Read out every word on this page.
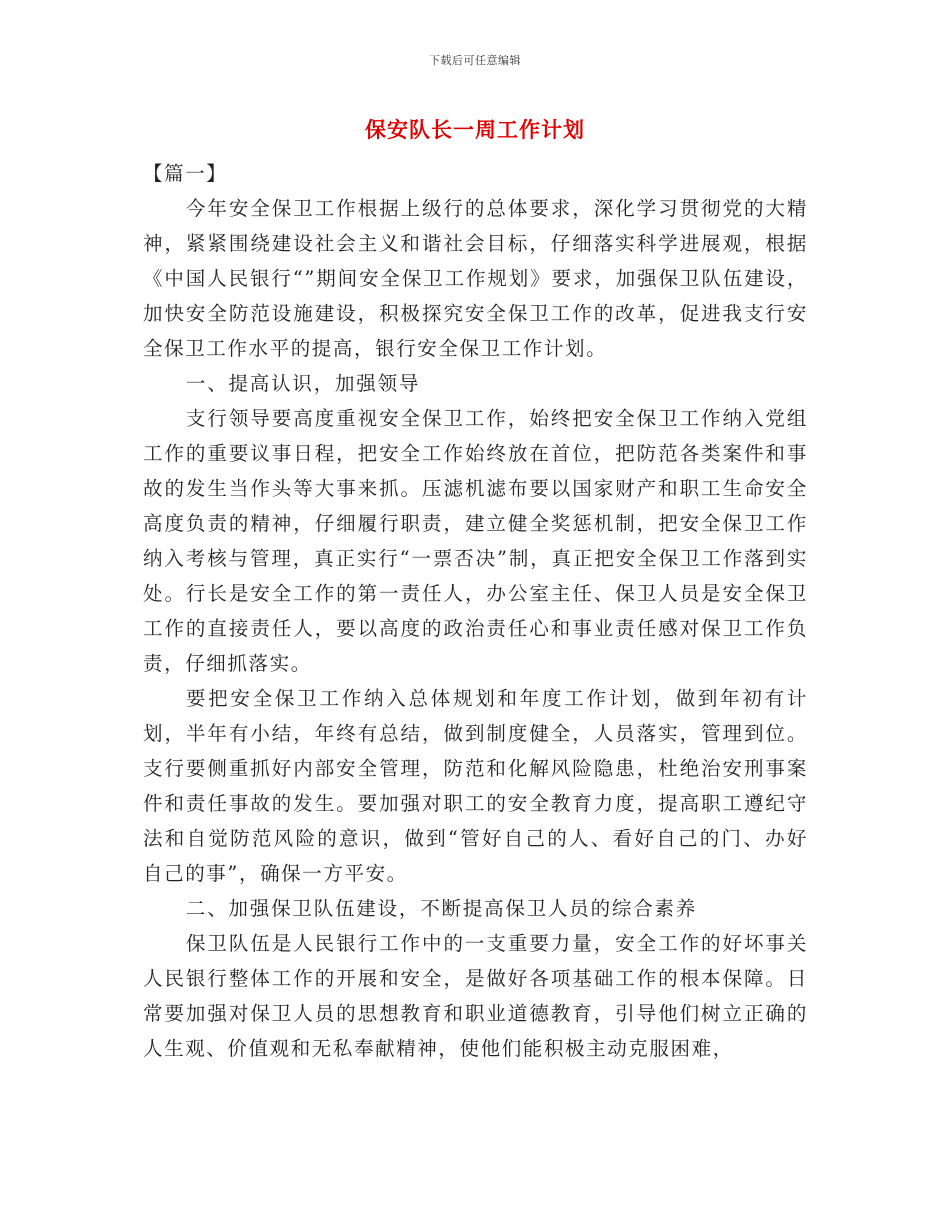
下载后可任意编辑
保安队长一周工作计划

【篇一】

今年安全保卫工作根据上级行的总体要求，深化学习贯彻党的大精神，紧紧围绕建设社会主义和谐社会目标，仔细落实科学进展观，根据《中国人民银行“”期间安全保卫工作规划》要求，加强保卫队伍建设，加快安全防范设施建设，积极探究安全保卫工作的改革，促进我支行安全保卫工作水平的提高，银行安全保卫工作计划。

一、提高认识，加强领导

支行领导要高度重视安全保卫工作，始终把安全保卫工作纳入党组工作的重要议事日程，把安全工作始终放在首位，把防范各类案件和事故的发生当作头等大事来抓。压滤机滤布要以国家财产和职工生命安全高度负责的精神，仔细履行职责，建立健全奖惩机制，把安全保卫工作纳入考核与管理，真正实行“一票否决”制，真正把安全保卫工作落到实处。行长是安全工作的第一责任人，办公室主任、保卫人员是安全保卫工作的直接责任人，要以高度的政治责任心和事业责任感对保卫工作负责，仔细抓落实。

要把安全保卫工作纳入总体规划和年度工作计划，做到年初有计划，半年有小结，年终有总结，做到制度健全，人员落实，管理到位。支行要侧重抓好内部安全管理，防范和化解风险隐患，杜绝治安刑事案件和责任事故的发生。要加强对职工的安全教育力度，提高职工遵纪守法和自觉防范风险的意识，做到“管好自己的人、看好自己的门、办好自己的事”，确保一方平安。

二、加强保卫队伍建设，不断提高保卫人员的综合素养

保卫队伍是人民银行工作中的一支重要力量，安全工作的好坏事关人民银行整体工作的开展和安全，是做好各项基础工作的根本保障。日常要加强对保卫人员的思想教育和职业道德教育，引导他们树立正确的人生观、价值观和无私奉献精神，使他们能积极主动克服困难，
